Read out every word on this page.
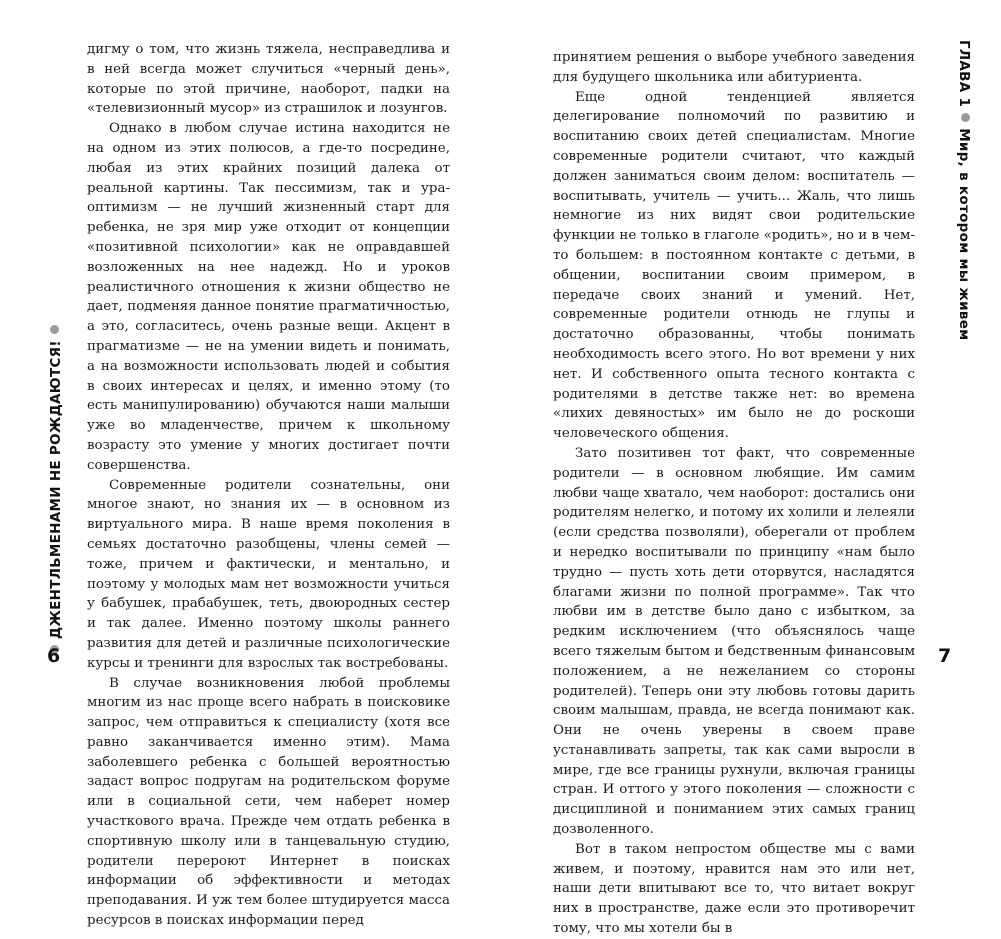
ДЖЕНТЛЬМЕНАМИ НЕ РОЖДАЮТСЯ!

дигму о том, что жизнь тяжела, несправедлива и в ней всегда может случиться «черный день», которые по этой причине, наоборот, падки на «телевизионный мусор» из страшилок и лозунгов.

Однако в любом случае истина находится не на одном из этих полюсов, а где-то посредине, любая из этих крайних позиций далека от реальной картины. Так пессимизм, так и ура-оптимизм — не лучший жизненный старт для ребенка, не зря мир уже отходит от концепции «позитивной психологии» как не оправдавшей возложенных на нее надежд. Но и уроков реалистичного отношения к жизни общество не дает, подменяя данное понятие прагматичностью, а это, согласитесь, очень разные вещи. Акцент в прагматизме — не на умении видеть и понимать, а на возможности использовать людей и события в своих интересах и целях, и именно этому (то есть манипулированию) обучаются наши малыши уже во младенчестве, причем к школьному возрасту это умение у многих достигает почти совершенства.

Современные родители сознательны, они многое знают, но знания их — в основном из виртуального мира. В наше время поколения в семьях достаточно разобщены, члены семей — тоже, причем и фактически, и ментально, и поэтому у молодых мам нет возможности учиться у бабушек, прабабушек, теть, двоюродных сестер и так далее. Именно поэтому школы раннего развития для детей и различные психологические курсы и тренинги для взрослых так востребованы.

В случае возникновения любой проблемы многим из нас проще всего набрать в поисковике запрос, чем отправиться к специалисту (хотя все равно заканчивается именно этим). Мама заболевшего ребенка с большей вероятностью задаст вопрос подругам на родительском форуме или в социальной сети, чем наберет номер участкового врача. Прежде чем отдать ребенка в спортивную школу или в танцевальную студию, родители перероют Интернет в поисках информации об эффективности и методах преподавания. И уж тем более штудируется масса ресурсов в поисках информации перед

6

принятием решения о выборе учебного заведения для будущего школьника или абитуриента.

Еще одной тенденцией является делегирование полномочий по развитию и воспитанию своих детей специалистам. Многие современные родители считают, что каждый должен заниматься своим делом: воспитатель — воспитывать, учитель — учить... Жаль, что лишь немногие из них видят свои родительские функции не только в глаголе «родить», но и в чем-то большем: в постоянном контакте с детьми, в общении, воспитании своим примером, в передаче своих знаний и умений. Нет, современные родители отнюдь не глупы и достаточно образованны, чтобы понимать необходимость всего этого. Но вот времени у них нет. И собственного опыта тесного контакта с родителями в детстве также нет: во времена «лихих девяностых» им было не до роскоши человеческого общения.

Зато позитивен тот факт, что современные родители — в основном любящие. Им самим любви чаще хватало, чем наоборот: достались они родителям нелегко, и потому их холили и лелеяли (если средства позволяли), оберегали от проблем и нередко воспитывали по принципу «нам было трудно — пусть хоть дети оторвутся, насладятся благами жизни по полной программе». Так что любви им в детстве было дано с избытком, за редким исключением (что объяснялось чаще всего тяжелым бытом и бедственным финансовым положением, а не нежеланием со стороны родителей). Теперь они эту любовь готовы дарить своим малышам, правда, не всегда понимают как. Они не очень уверены в своем праве устанавливать запреты, так как сами выросли в мире, где все границы рухнули, включая границы стран. И оттого у этого поколения — сложности с дисциплиной и пониманием этих самых границ дозволенного.

Вот в таком непростом обществе мы с вами живем, и поэтому, нравится нам это или нет, наши дети впитывают все то, что витает вокруг них в пространстве, даже если это противоречит тому, что мы хотели бы в

ГЛАВА 1Мир, в котором мы живем
7
